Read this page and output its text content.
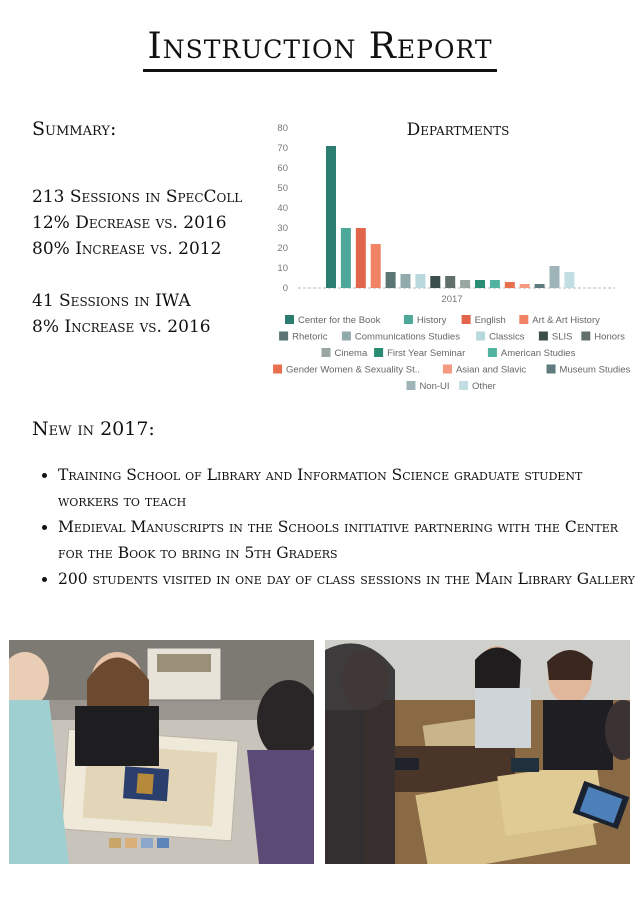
Instruction Report
Summary:
213 Sessions in SpecColl
12% Decrease vs. 2016
80% Increase vs. 2012
41 Sessions in IWA
8% Increase vs. 2016
Departments
0
10
20
30
40
50
60
70
80
2017
Center for the Book	History	English	Art & Art History
Rhetoric	Communications Studies	Classics	SLIS Honors
Cinema First Year Seminar	American Studies
Gender Women & Sexuality St..	Asian and Slavic	Museum Studies
Non-UI Other
New in 2017:
• Training School of Library and Information Science graduate student workers to teach
• Medieval Manuscripts in the Schools initiative partnering with the Center for the Book to bring in 5th Graders
• 200 students visited in one day of class sessions in the Main Library Gallery
